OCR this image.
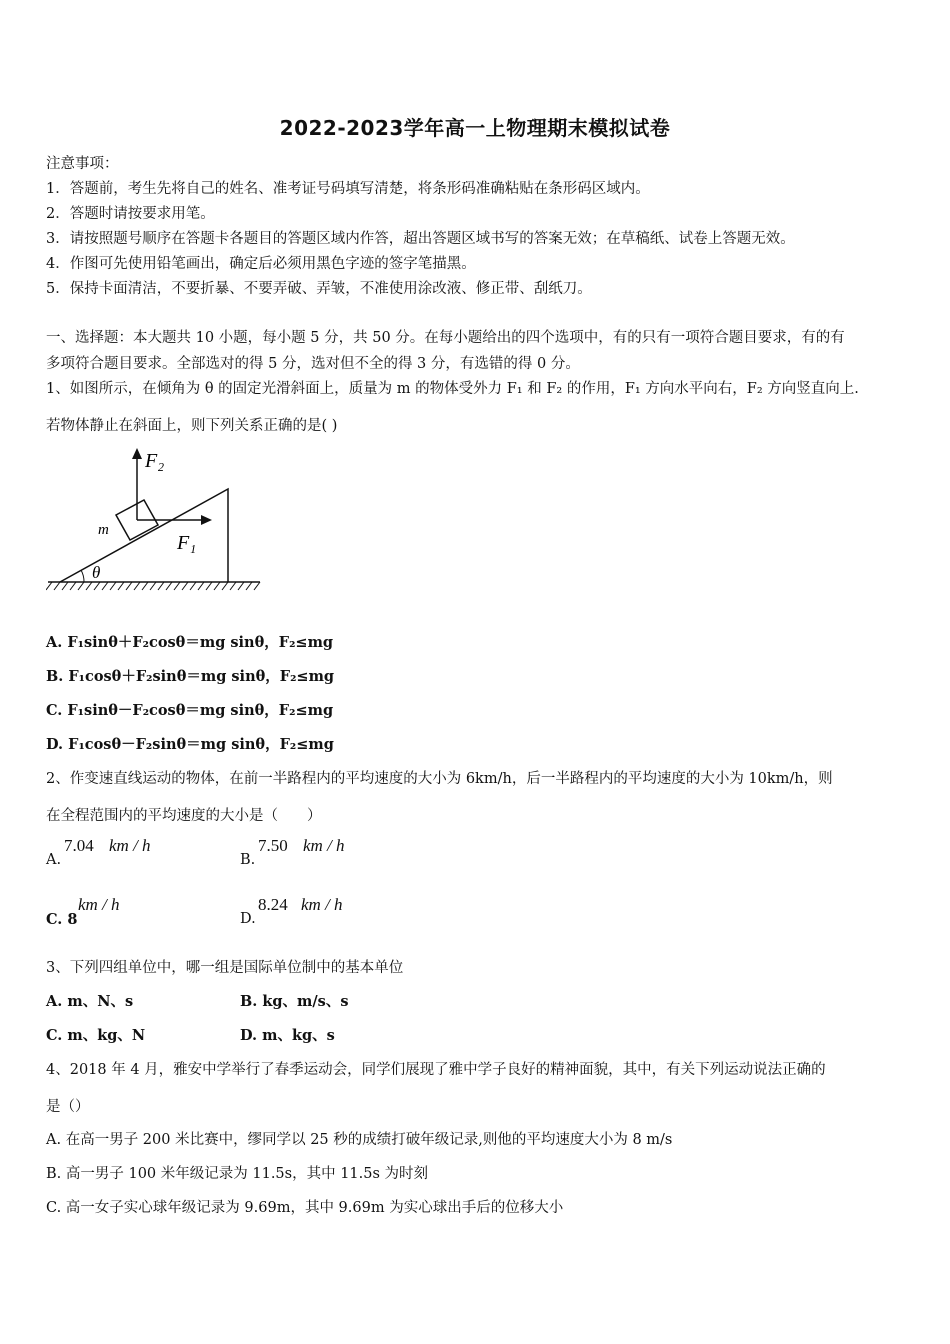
2022-2023学年高一上物理期末模拟试卷
注意事项：
1．答题前，考生先将自己的姓名、准考证号码填写清楚，将条形码准确粘贴在条形码区域内。
2．答题时请按要求用笔。
3．请按照题号顺序在答题卡各题目的答题区域内作答，超出答题区域书写的答案无效；在草稿纸、试卷上答题无效。
4．作图可先使用铅笔画出，确定后必须用黑色字迹的签字笔描黑。
5．保持卡面清洁，不要折暴、不要弄破、弄皱，不准使用涂改液、修正带、刮纸刀。
一、选择题：本大题共 10 小题，每小题 5 分，共 50 分。在每小题给出的四个选项中，有的只有一项符合题目要求，有的有
多项符合题目要求。全部选对的得 5 分，选对但不全的得 3 分，有选错的得 0 分。
1、如图所示，在倾角为 θ 的固定光滑斜面上，质量为 m 的物体受外力 F₁ 和 F₂ 的作用，F₁ 方向水平向右，F₂ 方向竖直向上.
若物体静止在斜面上，则下列关系正确的是( )
F₂
F₁
m
θ
A. F₁sinθ＋F₂cosθ＝mg sinθ，F₂≤mg
B. F₁cosθ＋F₂sinθ＝mg sinθ，F₂≤mg
C. F₁sinθ－F₂cosθ＝mg sinθ，F₂≤mg
D. F₁cosθ－F₂sinθ＝mg sinθ，F₂≤mg
2、作变速直线运动的物体，在前一半路程内的平均速度的大小为 6km/h，后一半路程内的平均速度的大小为 10km/h，则
在全程范围内的平均速度的大小是（　　）
A.
7.04 km / h
B.
7.50 km / h
C. 8
km / h
D.
8.24 km / h
3、下列四组单位中，哪一组是国际单位制中的基本单位
A. m、N、s	B. kg、m/s、s
C. m、kg、N	D. m、kg、s
4、2018 年 4 月，雅安中学举行了春季运动会，同学们展现了雅中学子良好的精神面貌，其中，有关下列运动说法正确的
是（）
A. 在高一男子 200 米比赛中，缪同学以 25 秒的成绩打破年级记录,则他的平均速度大小为 8 m/s
B. 高一男子 100 米年级记录为 11.5s，其中 11.5s 为时刻
C. 高一女子实心球年级记录为 9.69m，其中 9.69m 为实心球出手后的位移大小
